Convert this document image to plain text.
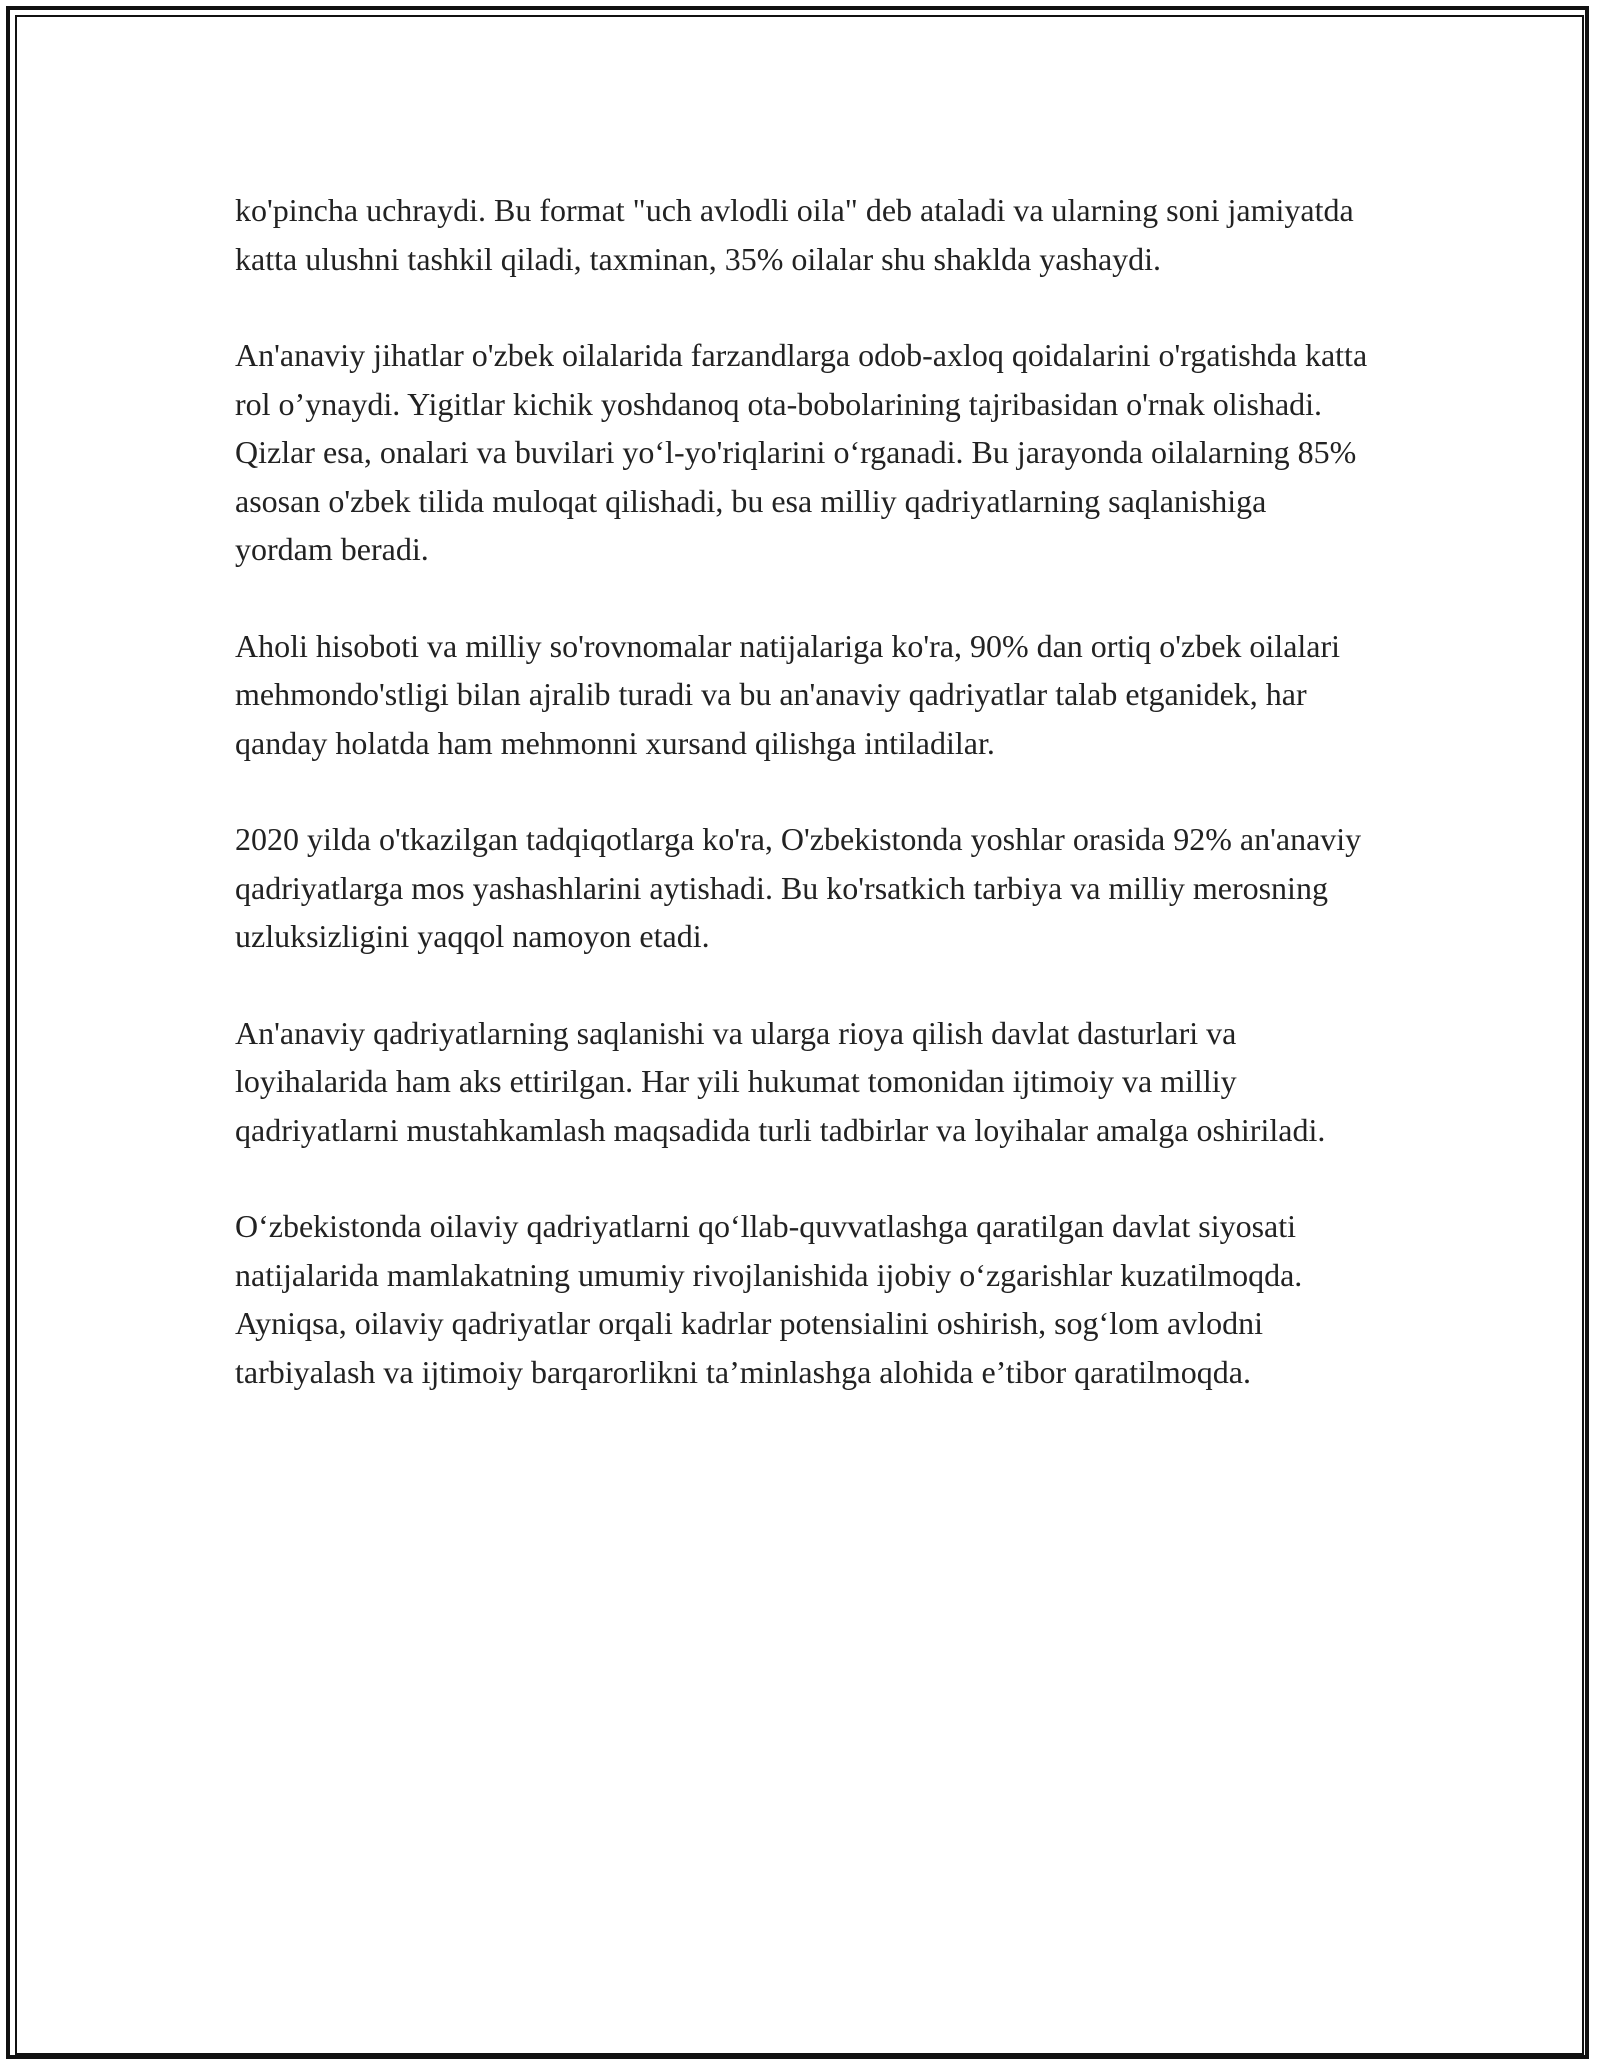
ko'pincha uchraydi. Bu format "uch avlodli oila" deb ataladi va ularning soni jamiyatda katta ulushni tashkil qiladi, taxminan, 35% oilalar shu shaklda yashaydi.

An'anaviy jihatlar o'zbek oilalarida farzandlarga odob-axloq qoidalarini o'rgatishda katta rol o’ynaydi. Yigitlar kichik yoshdanoq ota-bobolarining tajribasidan o'rnak olishadi. Qizlar esa, onalari va buvilari yo‘l-yo'riqlarini o‘rganadi. Bu jarayonda oilalarning 85% asosan o'zbek tilida muloqat qilishadi, bu esa milliy qadriyatlarning saqlanishiga yordam beradi.

Aholi hisoboti va milliy so'rovnomalar natijalariga ko'ra, 90% dan ortiq o'zbek oilalari mehmondo'stligi bilan ajralib turadi va bu an'anaviy qadriyatlar talab etganidek, har qanday holatda ham mehmonni xursand qilishga intiladilar.

2020 yilda o'tkazilgan tadqiqotlarga ko'ra, O'zbekistonda yoshlar orasida 92% an'anaviy qadriyatlarga mos yashashlarini aytishadi. Bu ko'rsatkich tarbiya va milliy merosning uzluksizligini yaqqol namoyon etadi.

An'anaviy qadriyatlarning saqlanishi va ularga rioya qilish davlat dasturlari va loyihalarida ham aks ettirilgan. Har yili hukumat tomonidan ijtimoiy va milliy qadriyatlarni mustahkamlash maqsadida turli tadbirlar va loyihalar amalga oshiriladi.

O‘zbekistonda oilaviy qadriyatlarni qo‘llab-quvvatlashga qaratilgan davlat siyosati natijalarida mamlakatning umumiy rivojlanishida ijobiy o‘zgarishlar kuzatilmoqda. Ayniqsa, oilaviy qadriyatlar orqali kadrlar potensialini oshirish, sog‘lom avlodni tarbiyalash va ijtimoiy barqarorlikni ta’minlashga alohida e’tibor qaratilmoqda.
